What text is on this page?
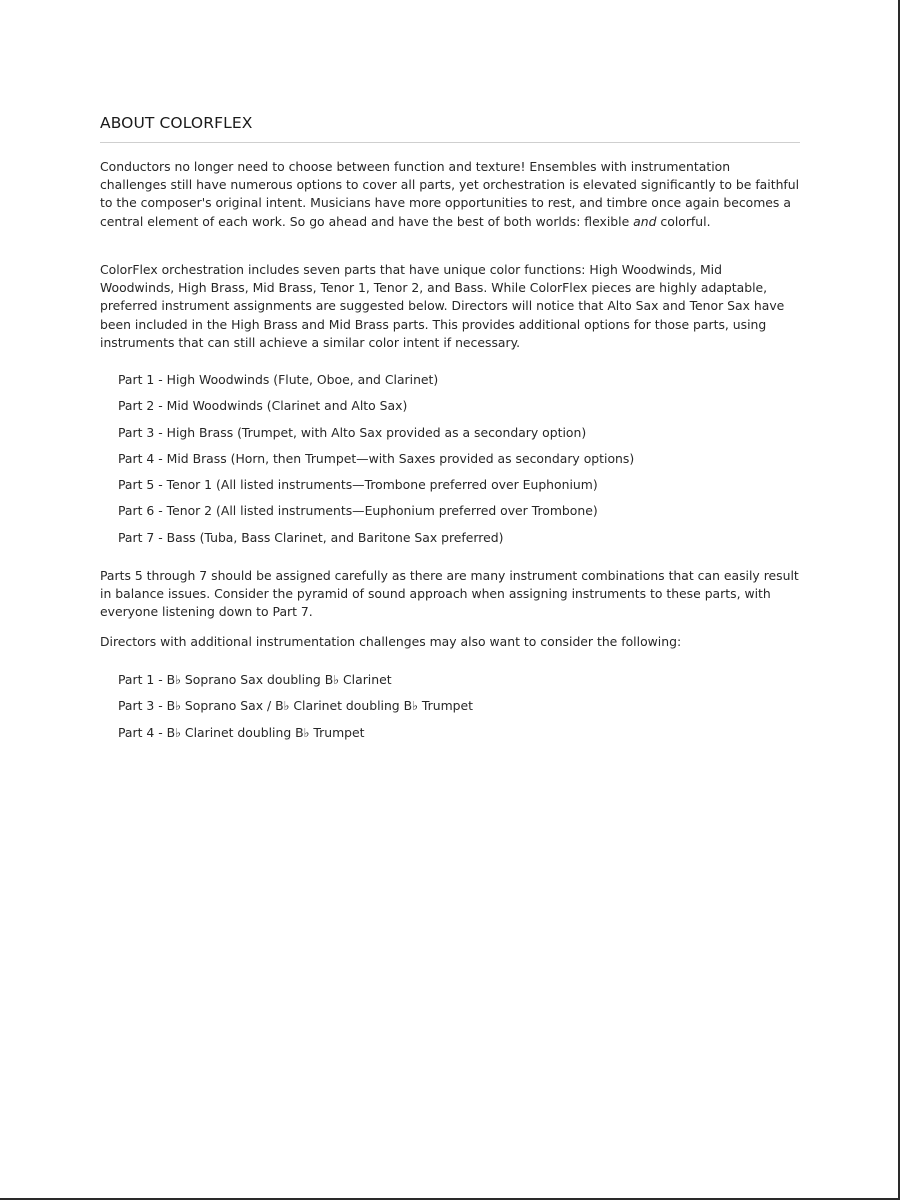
ABOUT COLORFLEX

Conductors no longer need to choose between function and texture! Ensembles with instrumentation challenges still have numerous options to cover all parts, yet orchestration is elevated significantly to be faithful to the composer's original intent. Musicians have more opportunities to rest, and timbre once again becomes a central element of each work. So go ahead and have the best of both worlds: flexible and colorful.

ColorFlex orchestration includes seven parts that have unique color functions: High Woodwinds, Mid Woodwinds, High Brass, Mid Brass, Tenor 1, Tenor 2, and Bass. While ColorFlex pieces are highly adaptable, preferred instrument assignments are suggested below. Directors will notice that Alto Sax and Tenor Sax have been included in the High Brass and Mid Brass parts. This provides additional options for those parts, using instruments that can still achieve a similar color intent if necessary.

Part 1 - High Woodwinds (Flute, Oboe, and Clarinet)
Part 2 - Mid Woodwinds (Clarinet and Alto Sax)
Part 3 - High Brass (Trumpet, with Alto Sax provided as a secondary option)
Part 4 - Mid Brass (Horn, then Trumpet—with Saxes provided as secondary options)
Part 5 - Tenor 1 (All listed instruments—Trombone preferred over Euphonium)
Part 6 - Tenor 2 (All listed instruments—Euphonium preferred over Trombone)
Part 7 - Bass (Tuba, Bass Clarinet, and Baritone Sax preferred)

Parts 5 through 7 should be assigned carefully as there are many instrument combinations that can easily result in balance issues. Consider the pyramid of sound approach when assigning instruments to these parts, with everyone listening down to Part 7.

Directors with additional instrumentation challenges may also want to consider the following:

Part 1 - B♭ Soprano Sax doubling B♭ Clarinet
Part 3 - B♭ Soprano Sax / B♭ Clarinet doubling B♭ Trumpet
Part 4 - B♭ Clarinet doubling B♭ Trumpet
